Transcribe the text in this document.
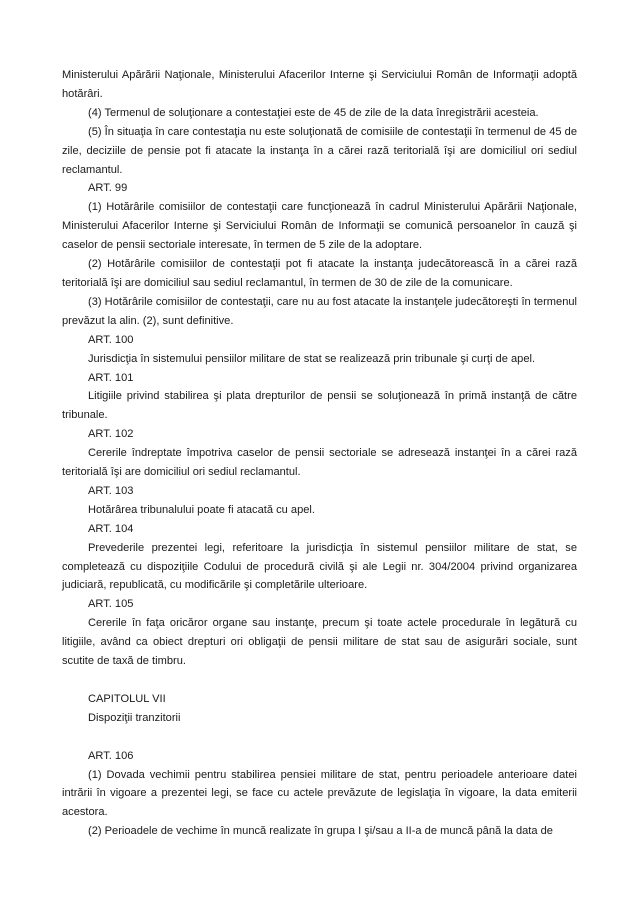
Ministerului Apărării Naţionale, Ministerului Afacerilor Interne şi Serviciului Român de Informaţii adoptă hotărâri.

(4) Termenul de soluţionare a contestaţiei este de 45 de zile de la data înregistrării acesteia.

(5) În situaţia în care contestaţia nu este soluţionată de comisiile de contestaţii în termenul de 45 de zile, deciziile de pensie pot fi atacate la instanţa în a cărei rază teritorială îşi are domiciliul ori sediul reclamantul.

ART. 99

(1) Hotărârile comisiilor de contestaţii care funcţionează în cadrul Ministerului Apărării Naţionale, Ministerului Afacerilor Interne şi Serviciului Român de Informaţii se comunică persoanelor în cauză şi caselor de pensii sectoriale interesate, în termen de 5 zile de la adoptare.

(2) Hotărârile comisiilor de contestaţii pot fi atacate la instanţa judecătorească în a cărei rază teritorială îşi are domiciliul sau sediul reclamantul, în termen de 30 de zile de la comunicare.

(3) Hotărârile comisiilor de contestaţii, care nu au fost atacate la instanţele judecătoreşti în termenul prevăzut la alin. (2), sunt definitive.

ART. 100

Jurisdicţia în sistemului pensiilor militare de stat se realizează prin tribunale şi curţi de apel.

ART. 101

Litigiile privind stabilirea şi plata drepturilor de pensii se soluţionează în primă instanţă de către tribunale.

ART. 102

Cererile îndreptate împotriva caselor de pensii sectoriale se adresează instanţei în a cărei rază teritorială îşi are domiciliul ori sediul reclamantul.

ART. 103

Hotărârea tribunalului poate fi atacată cu apel.

ART. 104

Prevederile prezentei legi, referitoare la jurisdicţia în sistemul pensiilor militare de stat, se completează cu dispoziţiile Codului de procedură civilă şi ale Legii nr. 304/2004 privind organizarea judiciară, republicată, cu modificările şi completările ulterioare.

ART. 105

Cererile în faţa oricăror organe sau instanţe, precum şi toate actele procedurale în legătură cu litigiile, având ca obiect drepturi ori obligaţii de pensii militare de stat sau de asigurări sociale, sunt scutite de taxă de timbru.

CAPITOLUL VII

Dispoziţii tranzitorii

ART. 106

(1) Dovada vechimii pentru stabilirea pensiei militare de stat, pentru perioadele anterioare datei intrării în vigoare a prezentei legi, se face cu actele prevăzute de legislaţia în vigoare, la data emiterii acestora.

(2) Perioadele de vechime în muncă realizate în grupa I şi/sau a II-a de muncă până la data de
